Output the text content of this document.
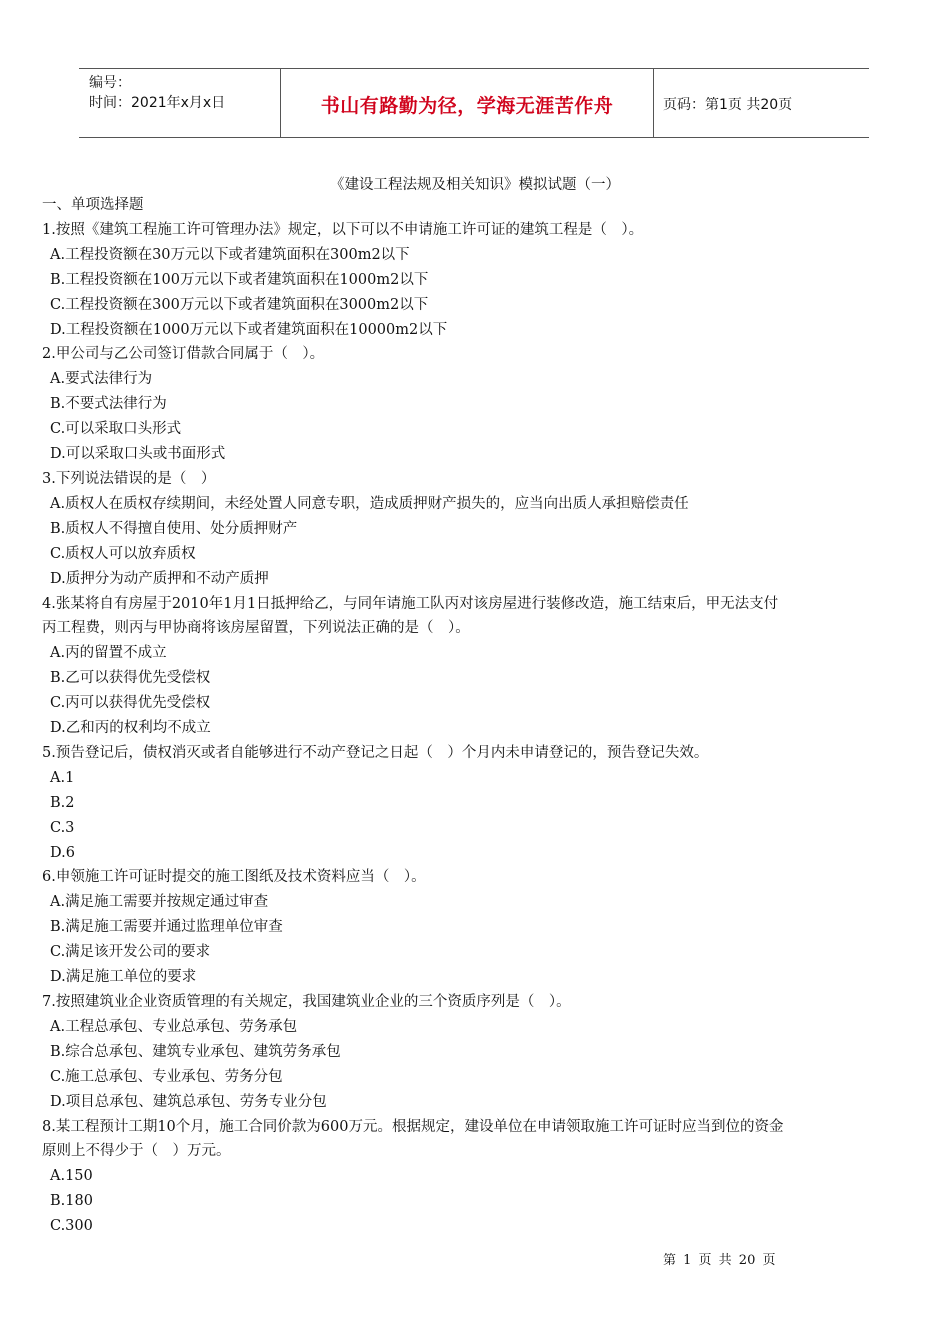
编号：
时间：2021年x月x日	书山有路勤为径，学海无涯苦作舟	页码：第1页 共20页
《建设工程法规及相关知识》模拟试题（一）
一、单项选择题
1.按照《建筑工程施工许可管理办法》规定，以下可以不申请施工许可证的建筑工程是（　）。
A.工程投资额在30万元以下或者建筑面积在300m2以下
B.工程投资额在100万元以下或者建筑面积在1000m2以下
C.工程投资额在300万元以下或者建筑面积在3000m2以下
D.工程投资额在1000万元以下或者建筑面积在10000m2以下
2.甲公司与乙公司签订借款合同属于（　）。
A.要式法律行为
B.不要式法律行为
C.可以采取口头形式
D.可以采取口头或书面形式
3.下列说法错误的是（　）
A.质权人在质权存续期间，未经处置人同意专职，造成质押财产损失的，应当向出质人承担赔偿责任
B.质权人不得擅自使用、处分质押财产
C.质权人可以放弃质权
D.质押分为动产质押和不动产质押
4.张某将自有房屋于2010年1月1日抵押给乙，与同年请施工队丙对该房屋进行装修改造，施工结束后，甲无法支付
丙工程费，则丙与甲协商将该房屋留置，下列说法正确的是（　）。
A.丙的留置不成立
B.乙可以获得优先受偿权
C.丙可以获得优先受偿权
D.乙和丙的权利均不成立
5.预告登记后，债权消灭或者自能够进行不动产登记之日起（　）个月内未申请登记的，预告登记失效。
A.1
B.2
C.3
D.6
6.申领施工许可证时提交的施工图纸及技术资料应当（　）。
A.满足施工需要并按规定通过审查
B.满足施工需要并通过监理单位审查
C.满足该开发公司的要求
D.满足施工单位的要求
7.按照建筑业企业资质管理的有关规定，我国建筑业企业的三个资质序列是（　）。
A.工程总承包、专业总承包、劳务承包
B.综合总承包、建筑专业承包、建筑劳务承包
C.施工总承包、专业承包、劳务分包
D.项目总承包、建筑总承包、劳务专业分包
8.某工程预计工期10个月，施工合同价款为600万元。根据规定，建设单位在申请领取施工许可证时应当到位的资金
原则上不得少于（　）万元。
A.150
B.180
C.300
第 1 页 共 20 页
